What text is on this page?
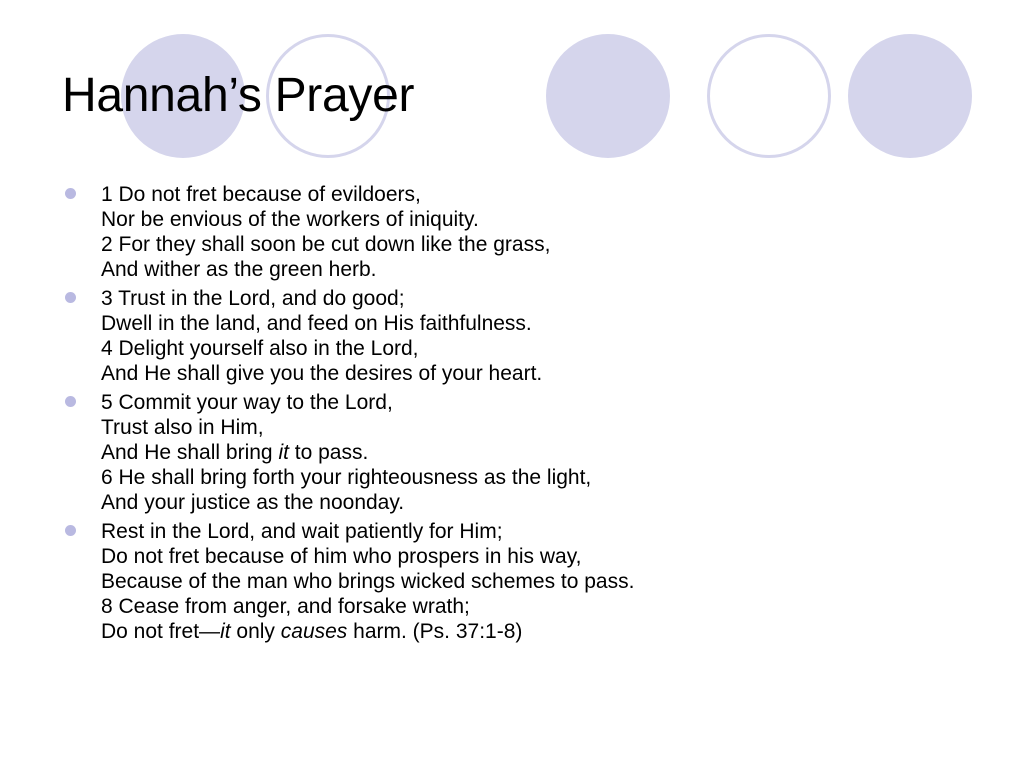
Hannah’s Prayer
1 Do not fret because of evildoers,
Nor be envious of the workers of iniquity.
2 For they shall soon be cut down like the grass,
And wither as the green herb.
3 Trust in the Lord, and do good;
Dwell in the land, and feed on His faithfulness.
4 Delight yourself also in the Lord,
And He shall give you the desires of your heart.
5 Commit your way to the Lord,
Trust also in Him,
And He shall bring it to pass.
6 He shall bring forth your righteousness as the light,
And your justice as the noonday.
Rest in the Lord, and wait patiently for Him;
Do not fret because of him who prospers in his way,
Because of the man who brings wicked schemes to pass.
8 Cease from anger, and forsake wrath;
Do not fret—it only causes harm. (Ps. 37:1-8)
